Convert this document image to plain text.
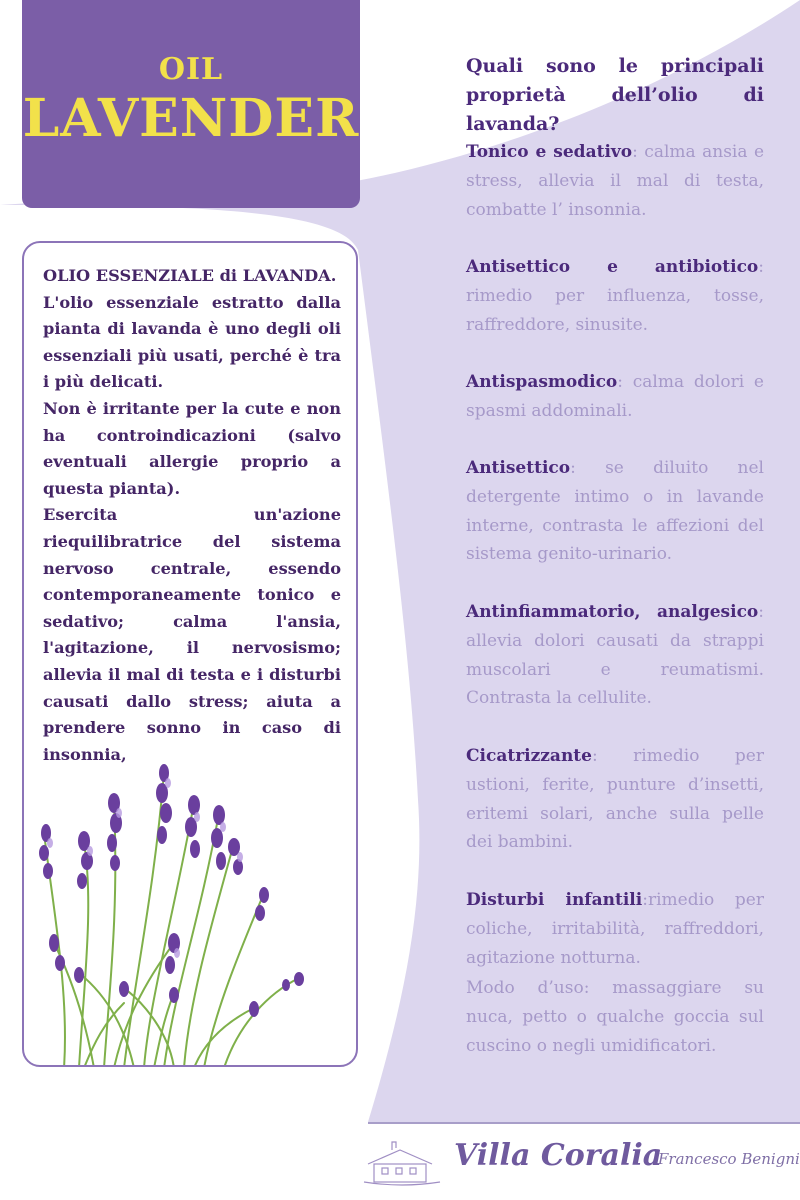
OIL
LAVENDER

OLIO ESSENZIALE di LAVANDA.

L'olio essenziale estratto dalla pianta di lavanda è uno degli oli essenziali più usati, perché è tra i più delicati.

Non è irritante per la cute e non ha controindicazioni (salvo eventuali allergie proprio a questa pianta).

Esercita un'azione riequilibratrice del sistema nervoso centrale, essendo contemporaneamente tonico e sedativo; calma l'ansia, l'agitazione, il nervosismo; allevia il mal di testa e i disturbi causati dallo stress; aiuta a prendere sonno in caso di insonnia,

Quali sono le principali proprietà dell’olio di lavanda?
Tonico e sedativo: calma ansia e stress, allevia il mal di testa, combatte l’ insonnia.
Antisettico e antibiotico: rimedio per influenza, tosse, raffreddore, sinusite.
Antispasmodico: calma dolori e spasmi addominali.
Antisettico: se diluito nel detergente intimo o in lavande interne, contrasta le affezioni del sistema genito-urinario.
Antinfiammatorio, analgesico: allevia dolori causati da strappi muscolari e reumatismi. Contrasta la cellulite.
Cicatrizzante: rimedio per ustioni, ferite, punture d’insetti, eritemi solari, anche sulla pelle dei bambini.
Disturbi infantili:rimedio per coliche, irritabilità, raffreddori, agitazione notturna.
Modo d’uso: massaggiare su nuca, petto o qualche goccia sul cuscino o negli umidificatori.
Villa Coralia
Francesco Benigni
